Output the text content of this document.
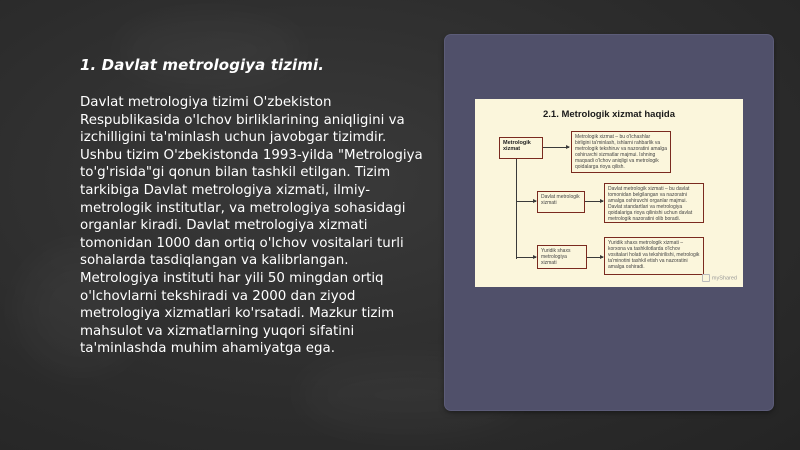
1. Davlat metrologiya tizimi.
Davlat metrologiya tizimi O'zbekiston Respublikasida o'lchov birliklarining aniqligini va izchilligini ta'minlash uchun javobgar tizimdir. Ushbu tizim O'zbekistonda 1993-yilda "Metrologiya to'g'risida"gi qonun bilan tashkil etilgan. Tizim tarkibiga Davlat metrologiya xizmati, ilmiy-metrologik institutlar, va metrologiya sohasidagi organlar kiradi. Davlat metrologiya xizmati tomonidan 1000 dan ortiq o'lchov vositalari turli sohalarda tasdiqlangan va kalibrlangan. Metrologiya instituti har yili 50 mingdan ortiq o'lchovlarni tekshiradi va 2000 dan ziyod metrologiya xizmatlari ko'rsatadi. Mazkur tizim mahsulot va xizmatlarning yuqori sifatini ta'minlashda muhim ahamiyatga ega.
2.1. Metrologik xizmat haqida
Metrologik xizmat
Metrologik xizmat – bu o'lchashlar birligini ta'minlash, ishlarni rahbarlik va metrologik tekshiruv va nazoratini amalga oshiruvchi xizmatlar majmui. Ishning maqsadi o'lchov aniqligi va metrologik qoidalarga rioya qilish.
Davlat metrologik xizmati
Davlat metrologik xizmati – bu davlat tomonidan belgilangan va nazoratni amalga oshiruvchi organlar majmui. Davlat standartlari va metrologiya qoidalariga rioya qilinishi uchun davlat metrologik nazoratini olib boradi.
Yuridik shaxs metrologiya xizmati
Yuridik shaxs metrologik xizmati – korxona va tashkilotlarda o'lchov vositalari holati va tekshirilishi, metrologik ta'minotini tashkil etish va nazoratini amalga oshiradi.
myShared
